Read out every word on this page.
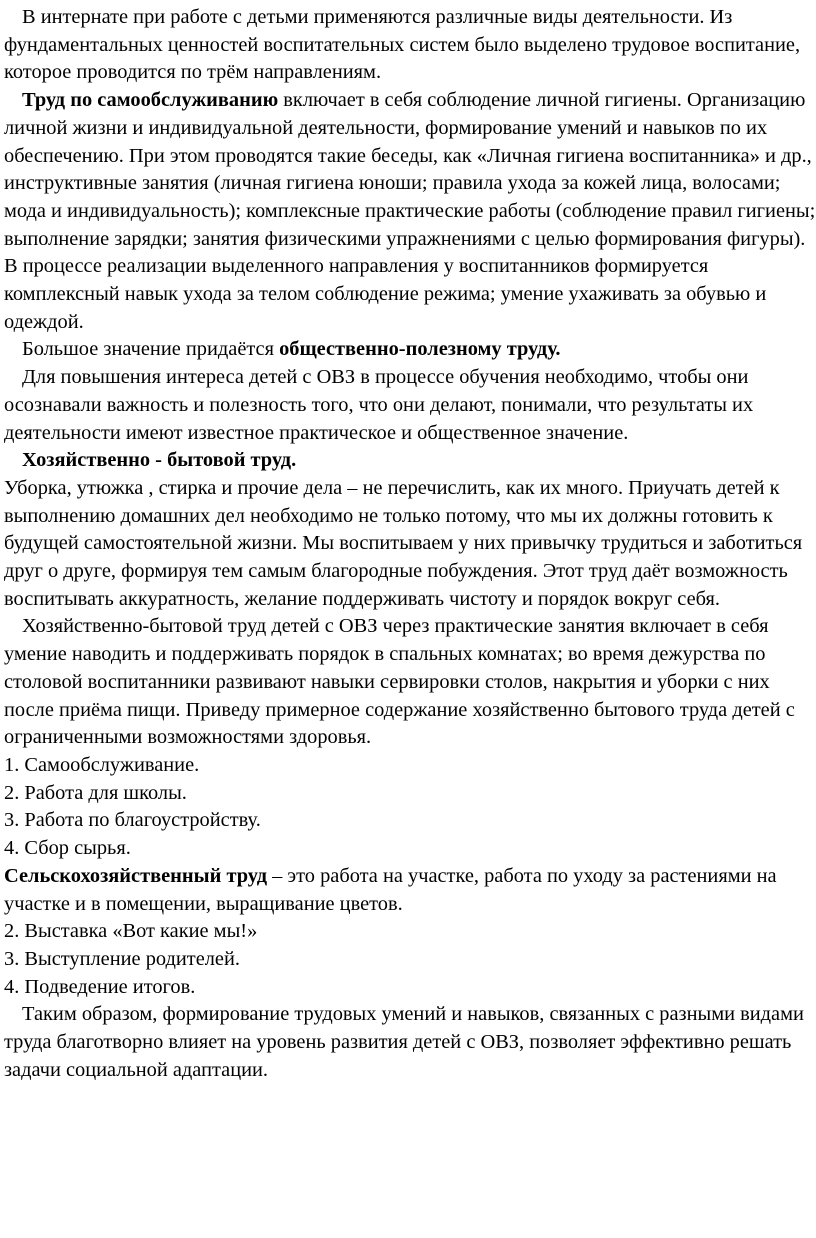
В интернате при работе с детьми применяются различные виды деятельности. Из фундаментальных ценностей воспитательных систем было выделено трудовое воспитание, которое проводится по трём направлениям.

Труд по самообслуживанию включает в себя соблюдение личной гигиены. Организацию личной жизни и индивидуальной деятельности, формирование умений и навыков по их обеспечению. При этом проводятся такие беседы, как «Личная гигиена воспитанника» и др., инструктивные занятия (личная гигиена юноши; правила ухода за кожей лица, волосами; мода и индивидуальность); комплексные практические работы (соблюдение правил гигиены; выполнение зарядки; занятия физическими упражнениями с целью формирования фигуры). В процессе реализации выделенного направления у воспитанников формируется комплексный навык ухода за телом соблюдение режима; умение ухаживать за обувью и одеждой.

Большое значение придаётся общественно-полезному труду.

Для повышения интереса детей с ОВЗ в процессе обучения необходимо, чтобы они осознавали важность и полезность того, что они делают, понимали, что результаты их деятельности имеют известное практическое и общественное значение.

Хозяйственно - бытовой труд.

Уборка, утюжка , стирка и прочие дела – не перечислить, как их много. Приучать детей к выполнению домашних дел необходимо не только потому, что мы их должны готовить к будущей самостоятельной жизни. Мы воспитываем у них привычку трудиться и заботиться друг о друге, формируя тем самым благородные побуждения. Этот труд даёт возможность воспитывать аккуратность, желание поддерживать чистоту и порядок вокруг себя.

Хозяйственно-бытовой труд детей с ОВЗ через практические занятия включает в себя умение наводить и поддерживать порядок в спальных комнатах; во время дежурства по столовой воспитанники развивают навыки сервировки столов, накрытия и уборки с них после приёма пищи. Приведу примерное содержание хозяйственно бытового труда детей с ограниченными возможностями здоровья.

1. Самообслуживание.
2. Работа для школы.
3. Работа по благоустройству.
4. Сбор сырья.

Сельскохозяйственный труд – это работа на участке, работа по уходу за растениями на участке и в помещении, выращивание цветов.

2. Выставка «Вот какие мы!»
3. Выступление родителей.
4. Подведение итогов.

Таким образом, формирование трудовых умений и навыков, связанных с разными видами труда благотворно влияет на уровень развития детей с ОВЗ, позволяет эффективно решать задачи социальной адаптации.
